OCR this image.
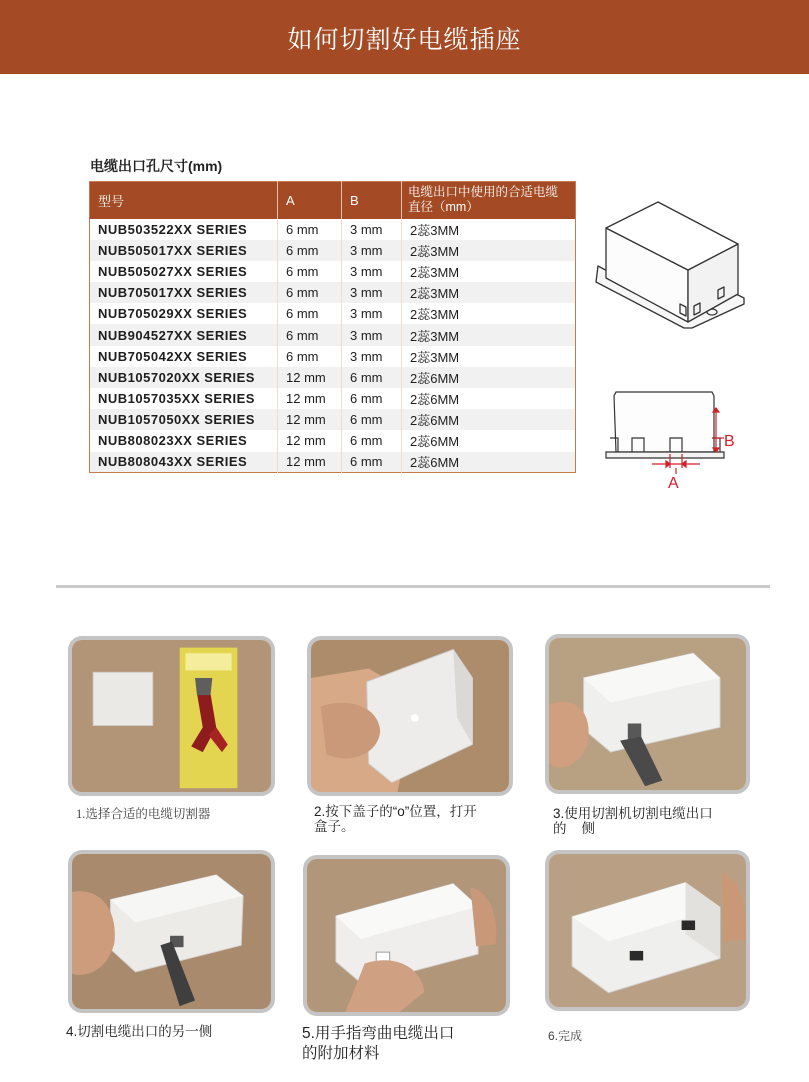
如何切割好电缆插座
电缆出口孔尺寸(mm)
型号	A	B	电缆出口中使用的合适电缆直径（mm）
NUB503522XX SERIES	6 mm	3 mm	2蕊3MM
NUB505017XX SERIES	6 mm	3 mm	2蕊3MM
NUB505027XX SERIES	6 mm	3 mm	2蕊3MM
NUB705017XX SERIES	6 mm	3 mm	2蕊3MM
NUB705029XX SERIES	6 mm	3 mm	2蕊3MM
NUB904527XX SERIES	6 mm	3 mm	2蕊3MM
NUB705042XX SERIES	6 mm	3 mm	2蕊3MM
NUB1057020XX SERIES	12 mm	6 mm	2蕊6MM
NUB1057035XX SERIES	12 mm	6 mm	2蕊6MM
NUB1057050XX SERIES	12 mm	6 mm	2蕊6MM
NUB808023XX SERIES	12 mm	6 mm	2蕊6MM
NUB808043XX SERIES	12 mm	6 mm	2蕊6MM
B
A
1.选择合适的电缆切割器	2.按下盖子的“o”位置，打开
盒子。
3.使用切割机切割电缆出口
的    侧
4.切割电缆出口的另一侧	5.用手指弯曲电缆出口
的附加材料
6.完成
